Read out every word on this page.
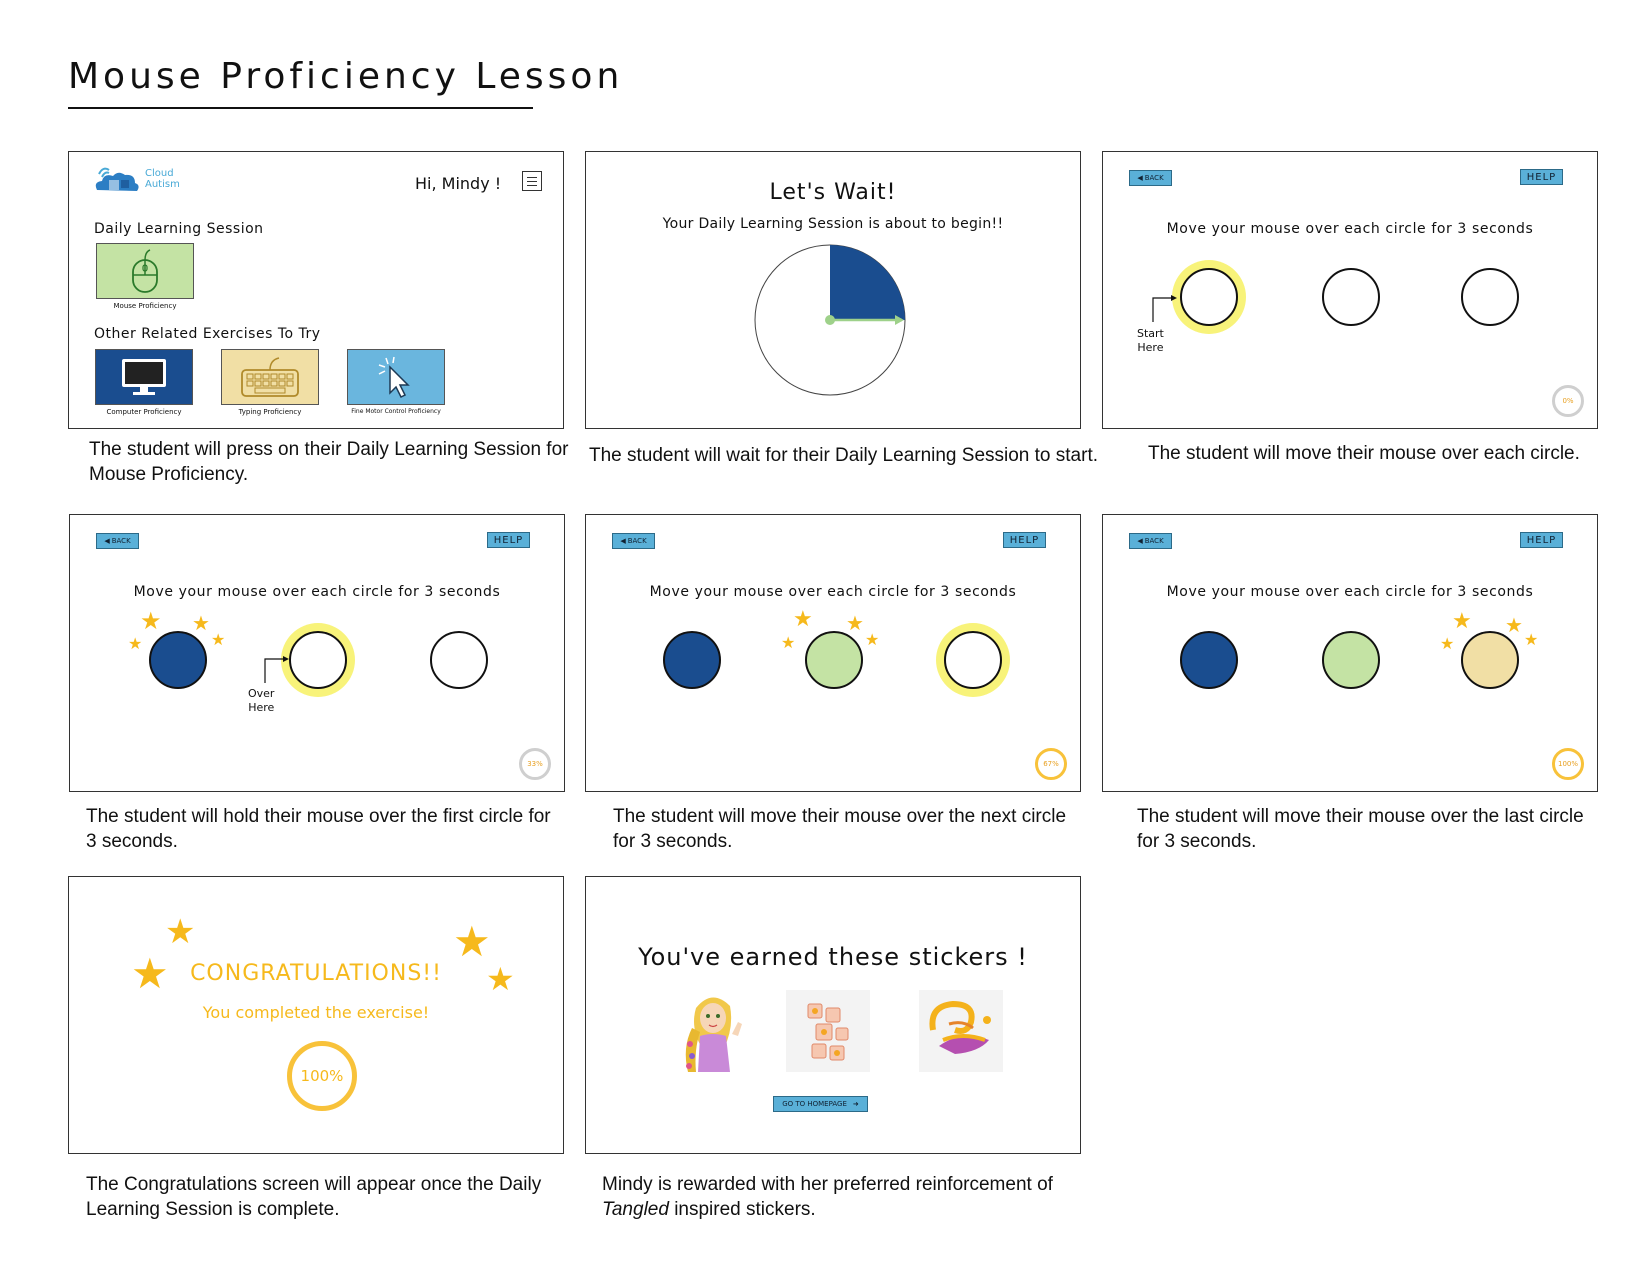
Mouse Proficiency Lesson
Cloud
Autism	Hi, Mindy !
Daily Learning Session
Mouse Proficiency
Other Related Exercises To Try
Computer Proficiency	Typing Proficiency	Fine Motor Control Proficiency
The student will press on their Daily Learning Session for Mouse Proficiency.
Let's Wait!
Your Daily Learning Session is about to begin!!
The student will wait for their Daily Learning Session to start.
◀ BACK	HELP
Move your mouse over each circle for 3 seconds
Start
Here
0%
The student will move their mouse over each circle.
◀ BACK	HELP
Move your mouse over each circle for 3 seconds
★ ★
★	★
Over
Here
33%
The student will hold their mouse over the first circle for 3 seconds.
◀ BACK	HELP
Move your mouse over each circle for 3 seconds
★ ★
★	★
67%
The student will move their mouse over the next circle for 3 seconds.
◀ BACK	HELP
Move your mouse over each circle for 3 seconds
★ ★
★	★
100%
The student will move their mouse over the last circle for 3 seconds.
★
★
★
★
CONGRATULATIONS!!
You completed the exercise!
100%
The Congratulations screen will appear once the Daily Learning Session is complete.
You've earned these stickers !
GO TO HOMEPAGE ➜
Mindy is rewarded with her preferred reinforcement of
Tangled inspired stickers.
